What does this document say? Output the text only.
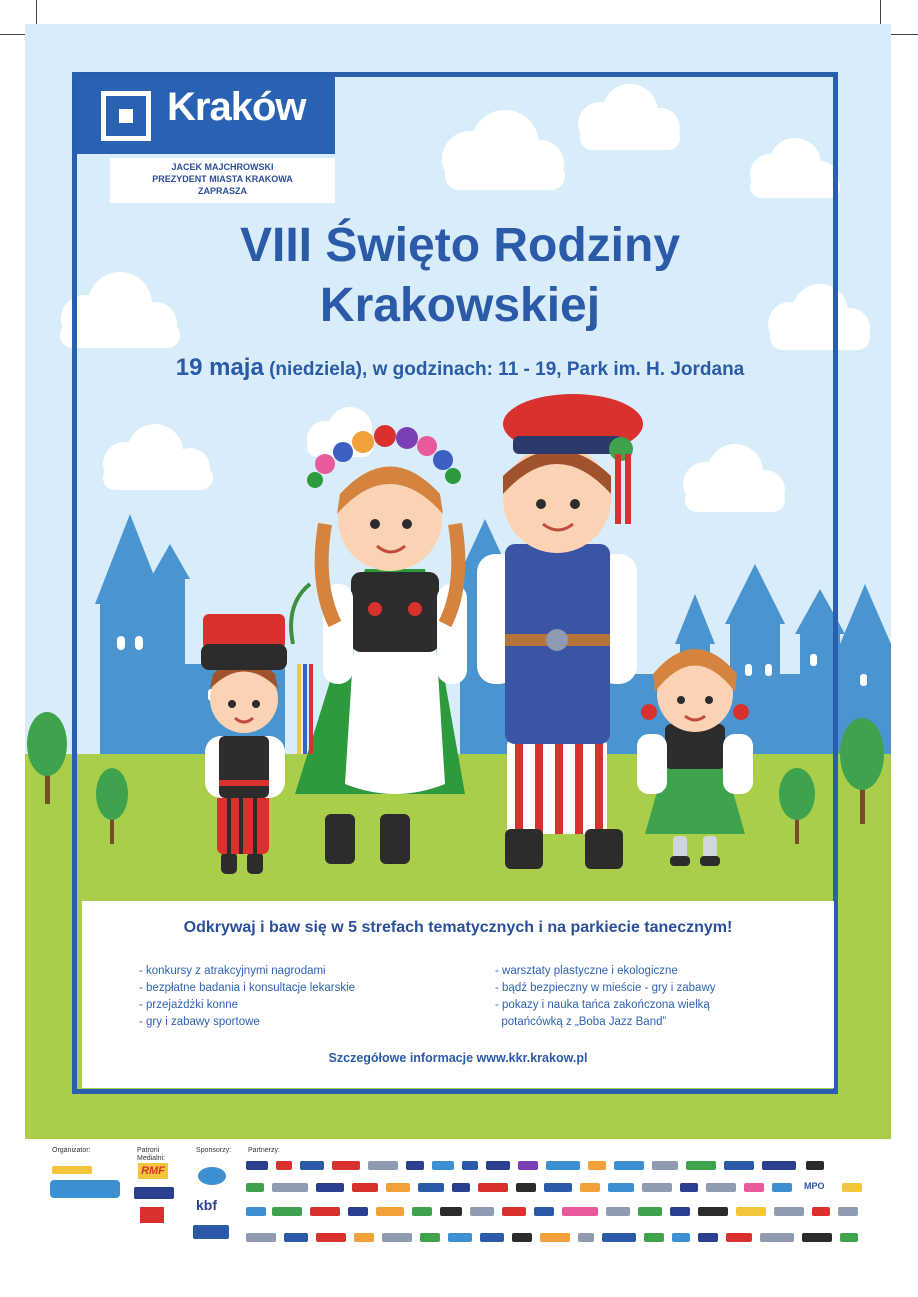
Kraków
JACEK MAJCHROWSKI
PREZYDENT MIASTA KRAKOWA
ZAPRASZA
VIII Święto Rodziny
Krakowskiej
19 maja (niedziela), w godzinach: 11 - 19, Park im. H. Jordana
Odkrywaj i baw się w 5 strefach tematycznych i na parkiecie tanecznym!
- konkursy z atrakcyjnymi nagrodami
- bezpłatne badania i konsultacje lekarskie
- przejażdżki konne
- gry i zabawy sportowe
- warsztaty plastyczne i ekologiczne
- bądź bezpieczny w mieście - gry i zabawy
- pokazy i nauka tańca zakończona wielką
potańcówką z „Boba Jazz Band”
Szczegółowe informacje www.kkr.krakow.pl
Organizator:	Patroni Medialni:
Sponsorzy: Partnerzy:
RMF
kbf
MPO
